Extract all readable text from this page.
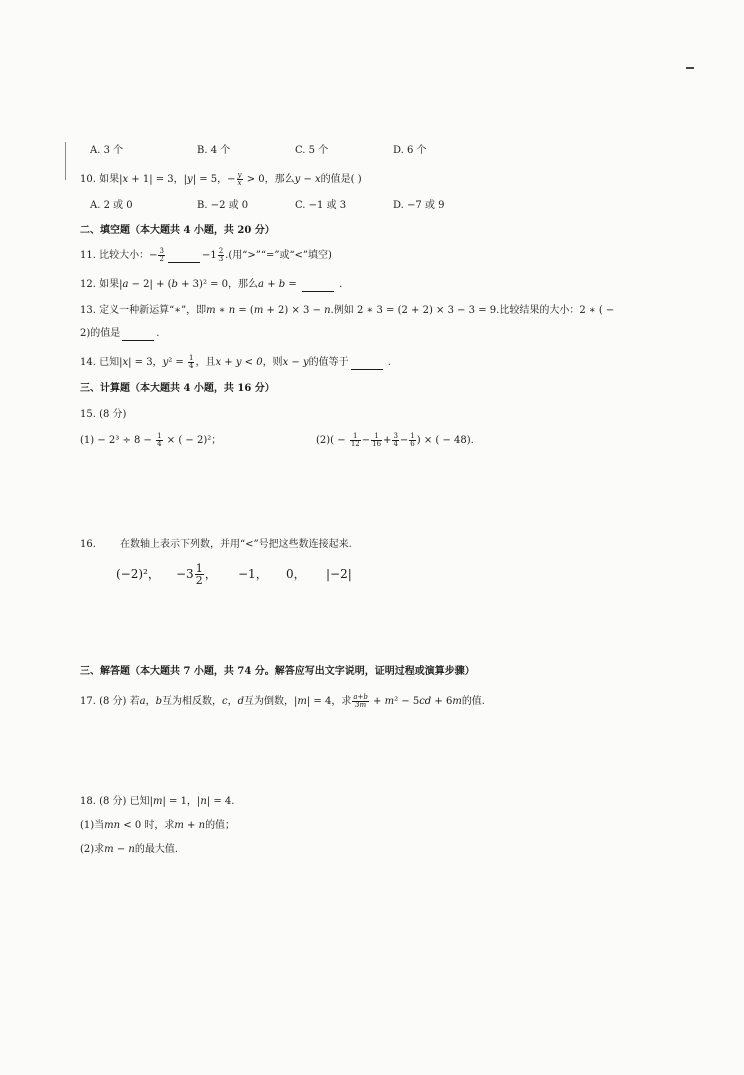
A. 3 个	B. 4 个	C. 5 个	D. 6 个
10. 如果|x + 1| = 3，|y| = 5，− $\frac{y}{x} > 0$，那么y − x的值是( )
A. 2 或 0	B. −2 或 0	C. −1 或 3	D. −7 或 9
二、填空题（本大题共 4 小题，共 20 分）
11. 比较大小：− $\frac{3}{2}$	$-1 \frac{2}{3}$ .(用“>”“=”或“<”填空)
12. 如果|a − 2| + (b + 3)² = 0，那么a + b =	.
13. 定义一种新运算“∗”，即m ∗ n = (m + 2) × 3 − n.例如 2 ∗ 3 = (2 + 2) × 3 − 3 = 9.比较结果的大小：2 ∗ ( −
2)的值是	.
14. 已知|x| = 3，$y^2 = \frac{1}{4}$ ，且x + y < 0，则x − y的值等于	.
三、计算题（本大题共 4 小题，共 16 分）
15. (8 分)
$(1) - 2^3 \div 8 - \frac{1}{4}$ × ( − 2)²；	$(2)( - \frac{1}{12} - \frac{1}{16} + \frac{3}{4} - \frac{1}{6}$ ) × ( − 48).
16. 在数轴上表示下列数，并用“<”号把这些数连接起来.
(−2)²， $-3 \frac{1}{2}$ ， −1， 0， |−2|
三、解答题（本大题共 7 小题，共 74 分。解答应写出文字说明，证明过程或演算步骤）
17. (8 分) 若a，b互为相反数，c，d互为倒数，|m| = 4，求 $\frac{a+b}{3m} + m^2 - 5cd + 6m$的值.
18. (8 分) 已知|m| = 1，|n| = 4.
(1)当mn < 0 时，求m + n的值；
(2)求m − n的最大值.
